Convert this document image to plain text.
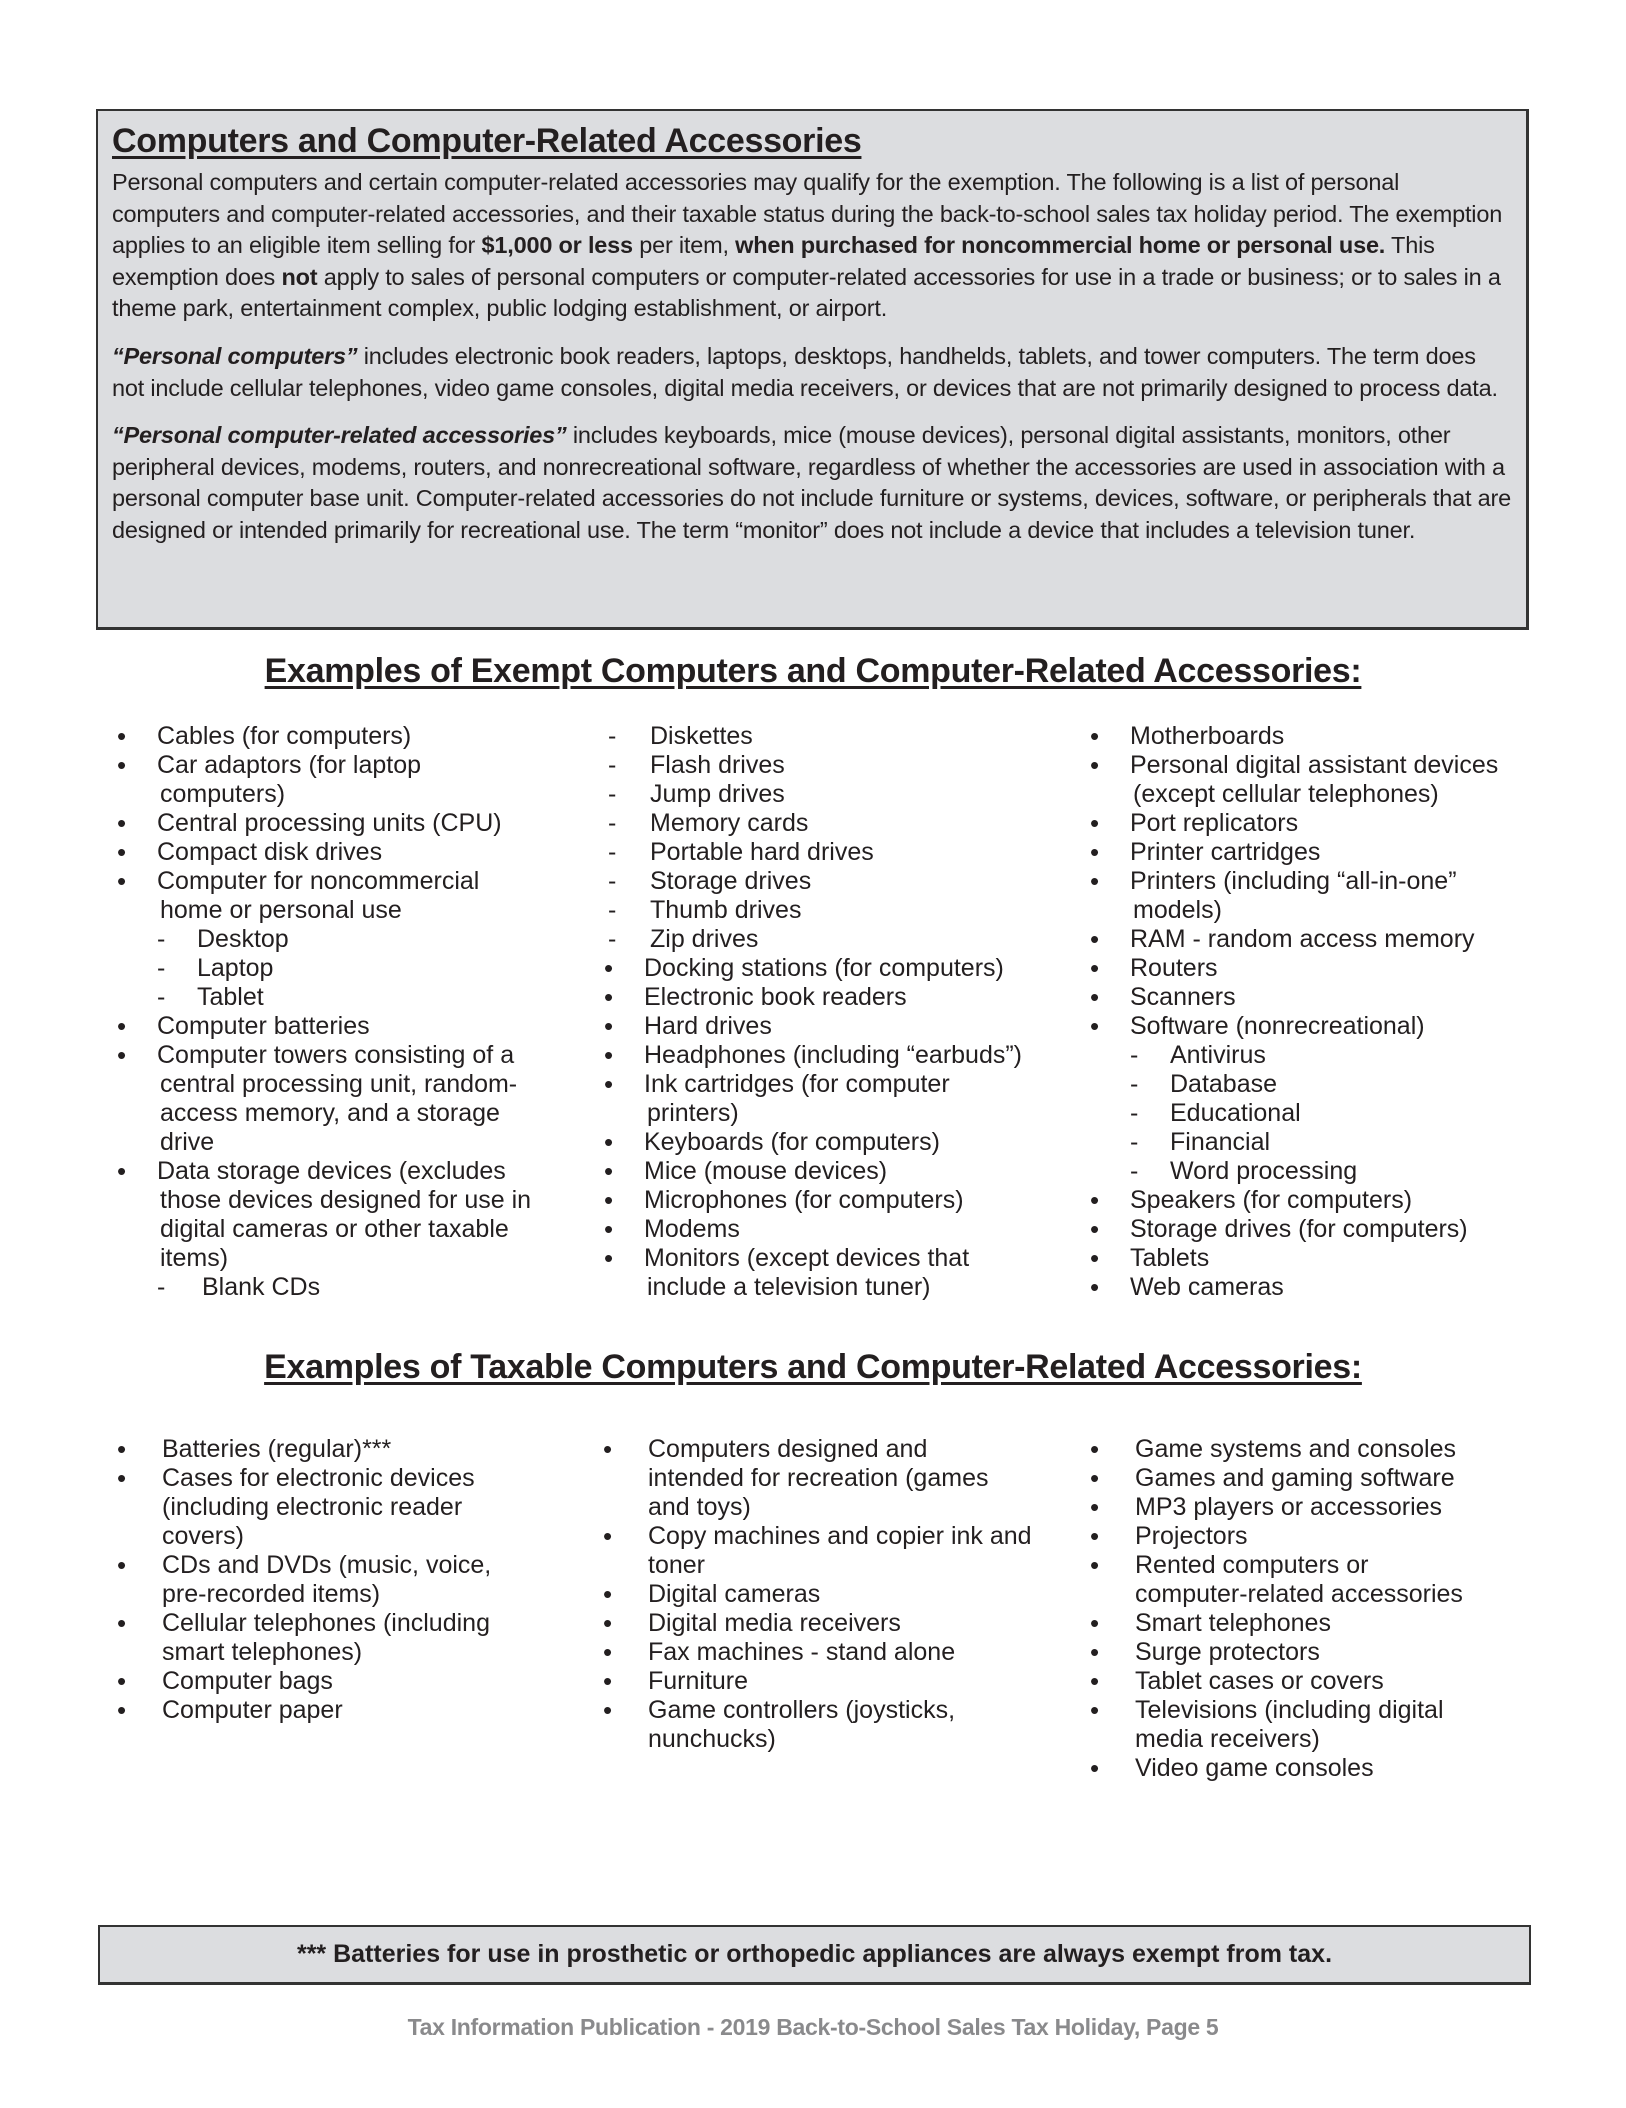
Computers and Computer-Related Accessories

Personal computers and certain computer-related accessories may qualify for the exemption. The following is a list of personal computers and computer-related accessories, and their taxable status during the back-to-school sales tax holiday period. The exemption applies to an eligible item selling for $1,000 or less per item, when purchased for noncommercial home or personal use. This exemption does not apply to sales of personal computers or computer-related accessories for use in a trade or business; or to sales in a theme park, entertainment complex, public lodging establishment, or airport.

“Personal computers” includes electronic book readers, laptops, desktops, handhelds, tablets, and tower computers. The term does not include cellular telephones, video game consoles, digital media receivers, or devices that are not primarily designed to process data.

“Personal computer-related accessories” includes keyboards, mice (mouse devices), personal digital assistants, monitors, other peripheral devices, modems, routers, and nonrecreational software, regardless of whether the accessories are used in association with a personal computer base unit. Computer-related accessories do not include furniture or systems, devices, software, or peripherals that are designed or intended primarily for recreational use. The term “monitor” does not include a device that includes a television tuner.

Examples of Exempt Computers and Computer-Related Accessories:
• Cables (for computers)
• Car adaptors (for laptop
computers)
• Central processing units (CPU)
• Compact disk drives
• Computer for noncommercial
home or personal use
- Desktop
- Laptop
- Tablet
• Computer batteries
• Computer towers consisting of a
central processing unit, random-
access memory, and a storage
drive
• Data storage devices (excludes
those devices designed for use in
digital cameras or other taxable
items)
- Blank CDs
- Diskettes
- Flash drives
- Jump drives
- Memory cards
- Portable hard drives
- Storage drives
- Thumb drives
- Zip drives
• Docking stations (for computers)
• Electronic book readers
• Hard drives
• Headphones (including “earbuds”)
• Ink cartridges (for computer
printers)
• Keyboards (for computers)
• Mice (mouse devices)
• Microphones (for computers)
• Modems
• Monitors (except devices that
include a television tuner)
• Motherboards
• Personal digital assistant devices
(except cellular telephones)
• Port replicators
• Printer cartridges
• Printers (including “all-in-one”
models)
• RAM - random access memory
• Routers
• Scanners
• Software (nonrecreational)
- Antivirus
- Database
- Educational
- Financial
- Word processing
• Speakers (for computers)
• Storage drives (for computers)
• Tablets
• Web cameras
Examples of Taxable Computers and Computer-Related Accessories:
• Batteries (regular)***
• Cases for electronic devices
(including electronic reader
covers)
• CDs and DVDs (music, voice,
pre-recorded items)
• Cellular telephones (including
smart telephones)
• Computer bags
• Computer paper
• Computers designed and
intended for recreation (games
and toys)
• Copy machines and copier ink and
toner
• Digital cameras
• Digital media receivers
• Fax machines - stand alone
• Furniture
• Game controllers (joysticks,
nunchucks)
• Game systems and consoles
• Games and gaming software
• MP3 players or accessories
• Projectors
• Rented computers or
computer-related accessories
• Smart telephones
• Surge protectors
• Tablet cases or covers
• Televisions (including digital
media receivers)
• Video game consoles
*** Batteries for use in prosthetic or orthopedic appliances are always exempt from tax.
Tax Information Publication - 2019 Back-to-School Sales Tax Holiday, Page 5
